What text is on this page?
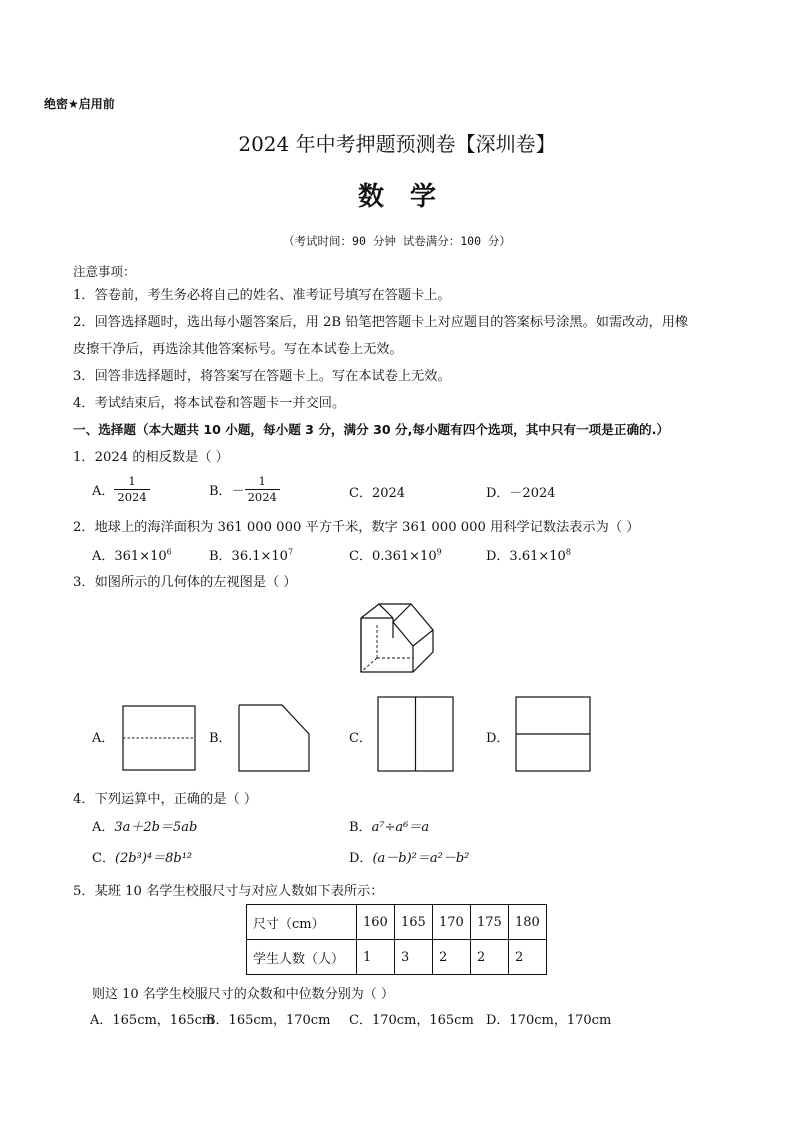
绝密★启用前
2024 年中考押题预测卷【深圳卷】
数学
（考试时间：90 分钟 试卷满分：100 分）
注意事项：
1．答卷前，考生务必将自己的姓名、准考证号填写在答题卡上。
2．回答选择题时，选出每小题答案后，用 2B 铅笔把答题卡上对应题目的答案标号涂黑。如需改动，用橡
皮擦干净后，再选涂其他答案标号。写在本试卷上无效。
3．回答非选择题时，将答案写在答题卡上。写在本试卷上无效。
4．考试结束后，将本试卷和答题卡一并交回。
一、选择题（本大题共 10 小题，每小题 3 分，满分 30 分,每小题有四个选项，其中只有一项是正确的.）
1．2024 的相反数是（ ）
A． $\frac{1}{2024}$	B．－ $\frac{1}{2024}$	C．2024	D．－2024
2．地球上的海洋面积为 361 000 000 平方千米，数字 361 000 000 用科学记数法表示为（ ）
A．$361\times 10^6$	B．$36.1\times 10^7$	C．$0.361\times 10^9$	D．$3.61\times 10^8$
3．如图所示的几何体的左视图是（ ）
A．	B．	C．	D．
4．下列运算中，正确的是（ ）
A．3a＋2b＝5ab	B．a⁷÷a⁶＝a
C．(2b³)⁴＝8b¹²	D．(a－b)²＝a²－b²
5．某班 10 名学生校服尺寸与对应人数如下表所示：
尺寸（cm）	160	165	170	175	180
学生人数（人）	1	3	2	2	2
则这 10 名学生校服尺寸的众数和中位数分别为（ ）
A．165cm，165cm
B．165cm，170cm C．170cm，165cm D．170cm，170cm
